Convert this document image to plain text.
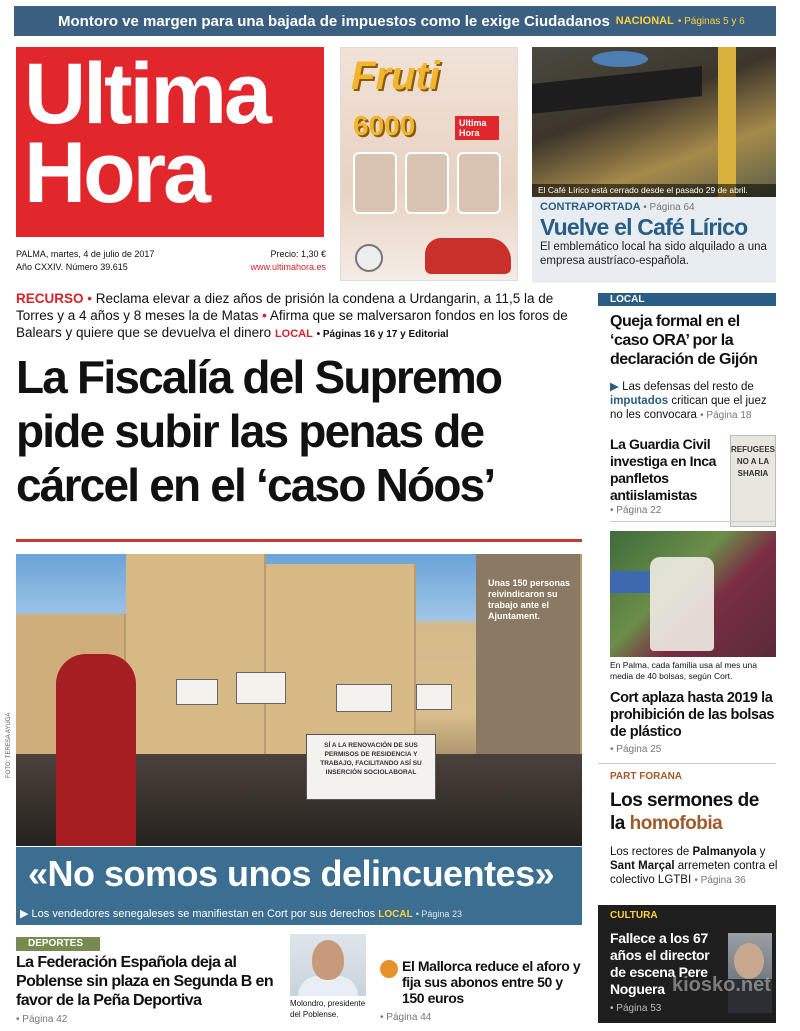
Montoro ve margen para una bajada de impuestos como le exige Ciudadanos NACIONAL • Páginas 5 y 6
Ultima
Hora
PALMA, martes, 4 de julio de 2017	Precio: 1,30 €
Año CXXIV. Número 39.615	www.ultimahora.es
Fruti
6000	Ultima Hora
El Café Lírico está cerrado desde el pasado 29 de abril.
CONTRAPORTADA • Página 64
Vuelve el Café Lírico
El emblemático local ha sido alquilado a una empresa austríaco-española.
RECURSO • Reclama elevar a diez años de prisión la condena a Urdangarin, a 11,5 la de Torres y a 4 años y 8 meses la de Matas • Afirma que se malversaron fondos en los foros de Balears y quiere que se devuelva el dinero LOCAL • Páginas 16 y 17 y Editorial
La Fiscalía del Supremo pide subir las penas de cárcel en el ‘caso Nóos’
SÍ A LA RENOVACIÓN DE SUS PERMISOS DE RESIDENCIA Y TRABAJO, FACILITANDO ASÍ SU INSERCIÓN SOCIOLABORAL
Unas 150 personas reivindicaron su trabajo ante el Ajuntament.
FOTO: TERESA AYUGA
«No somos unos delincuentes»
▶ Los vendedores senegaleses se manifiestan en Cort por sus derechos LOCAL • Página 23
DEPORTES
La Federación Española deja al Poblense sin plaza en Segunda B en favor de la Peña Deportiva
• Página 42
Molondro, presidente del Poblense.
El Mallorca reduce el aforo y fija sus abonos entre 50 y 150 euros
• Página 44
LOCAL
Queja formal en el ‘caso ORA’ por la declaración de Gijón
▶ Las defensas del resto de imputados critican que el juez no les convocara • Página 18
La Guardia Civil investiga en Inca panfletos antiislamistas
• Página 22
REFUGEES NO A LA SHARIA
En Palma, cada familia usa al mes una media de 40 bolsas, según Cort.
Cort aplaza hasta 2019 la prohibición de las bolsas de plástico
• Página 25
PART FORANA
Los sermones de la homofobia
Los rectores de Palmanyola y Sant Marçal arremeten contra el colectivo LGTBI • Página 36
CULTURA
Fallece a los 67 años el director de escena Pere Noguera
• Página 53
kiosko.net
